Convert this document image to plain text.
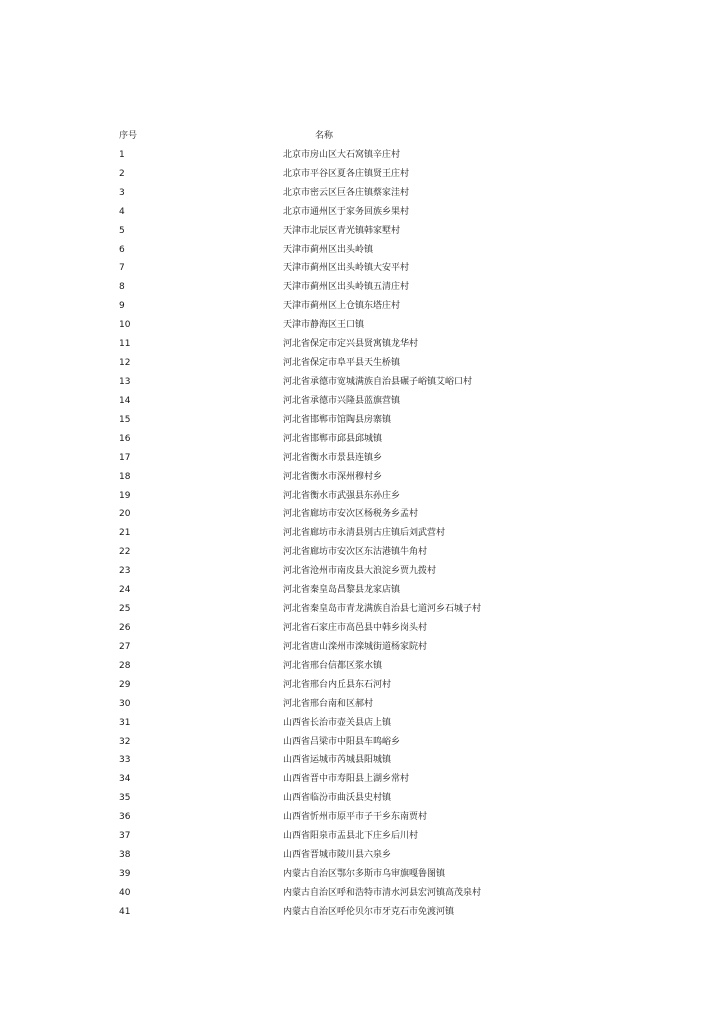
序号	名称
1	北京市房山区大石窝镇辛庄村
2	北京市平谷区夏各庄镇贤王庄村
3	北京市密云区巨各庄镇蔡家洼村
4	北京市通州区于家务回族乡果村
5	天津市北辰区青光镇韩家墅村
6	天津市蓟州区出头岭镇
7	天津市蓟州区出头岭镇大安平村
8	天津市蓟州区出头岭镇五清庄村
9	天津市蓟州区上仓镇东塔庄村
10	天津市静海区王口镇
11	河北省保定市定兴县贤寓镇龙华村
12	河北省保定市阜平县天生桥镇
13	河北省承德市宽城满族自治县碾子峪镇艾峪口村
14	河北省承德市兴隆县蓝旗营镇
15	河北省邯郸市馆陶县房寨镇
16	河北省邯郸市邱县邱城镇
17	河北省衡水市景县连镇乡
18	河北省衡水市深州穆村乡
19	河北省衡水市武强县东孙庄乡
20	河北省廊坊市安次区杨税务乡孟村
21	河北省廊坊市永清县别古庄镇后刘武营村
22	河北省廊坊市安次区东沽港镇牛角村
23	河北省沧州市南皮县大浪淀乡贾九拨村
24	河北省秦皇岛昌黎县龙家店镇
25	河北省秦皇岛市青龙满族自治县七道河乡石城子村
26	河北省石家庄市高邑县中韩乡岗头村
27	河北省唐山滦州市滦城街道杨家院村
28	河北省邢台信都区浆水镇
29	河北省邢台内丘县东石河村
30	河北省邢台南和区郝村
31	山西省长治市壶关县店上镇
32	山西省吕梁市中阳县车鸣峪乡
33	山西省运城市芮城县阳城镇
34	山西省晋中市寿阳县上湖乡常村
35	山西省临汾市曲沃县史村镇
36	山西省忻州市原平市子干乡东南贾村
37	山西省阳泉市盂县北下庄乡后川村
38	山西省晋城市陵川县六泉乡
39	内蒙古自治区鄂尔多斯市乌审旗嘎鲁图镇
40	内蒙古自治区呼和浩特市清水河县宏河镇高茂泉村
41	内蒙古自治区呼伦贝尔市牙克石市免渡河镇
